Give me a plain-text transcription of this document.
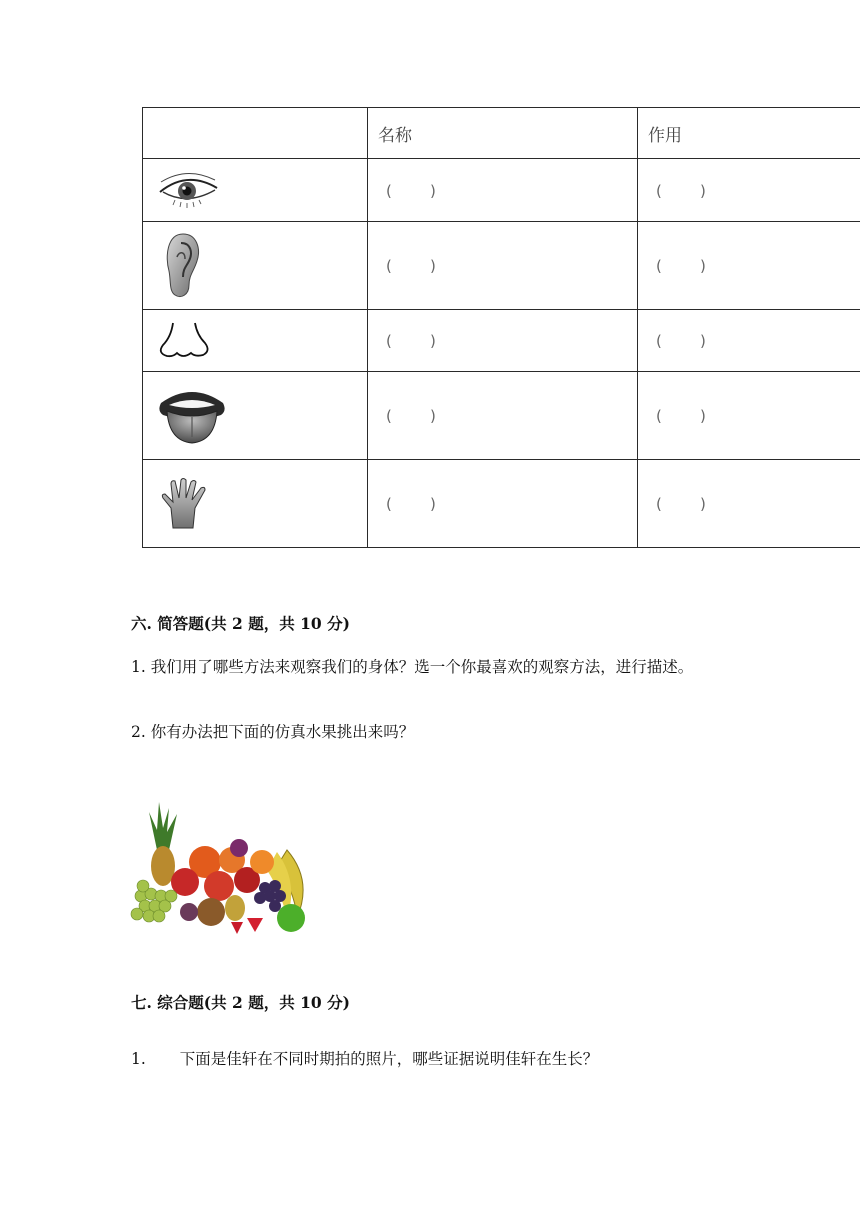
	名称	作用

	(        )	(        )

	(        )	(        )

	(        )	(        )

	(        )	(        )

	(        )	(        )
六. 简答题(共 2 题，共 10 分)
1. 我们用了哪些方法来观察我们的身体？选一个你最喜欢的观察方法，进行描述。
2. 你有办法把下面的仿真水果挑出来吗？
七. 综合题(共 2 题，共 10 分)
1. 下面是佳轩在不同时期拍的照片，哪些证据说明佳轩在生长？
